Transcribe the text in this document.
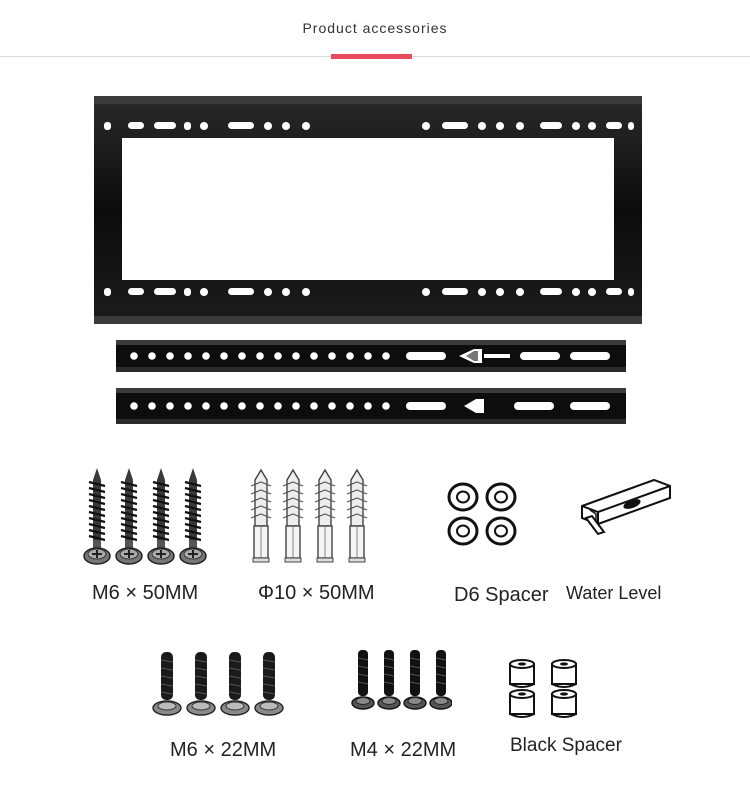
Product accessories
M6 × 50MM	Φ10 × 50MM	D6 Spacer Water Level
M6 × 22MM	M4 × 22MM	Black Spacer
